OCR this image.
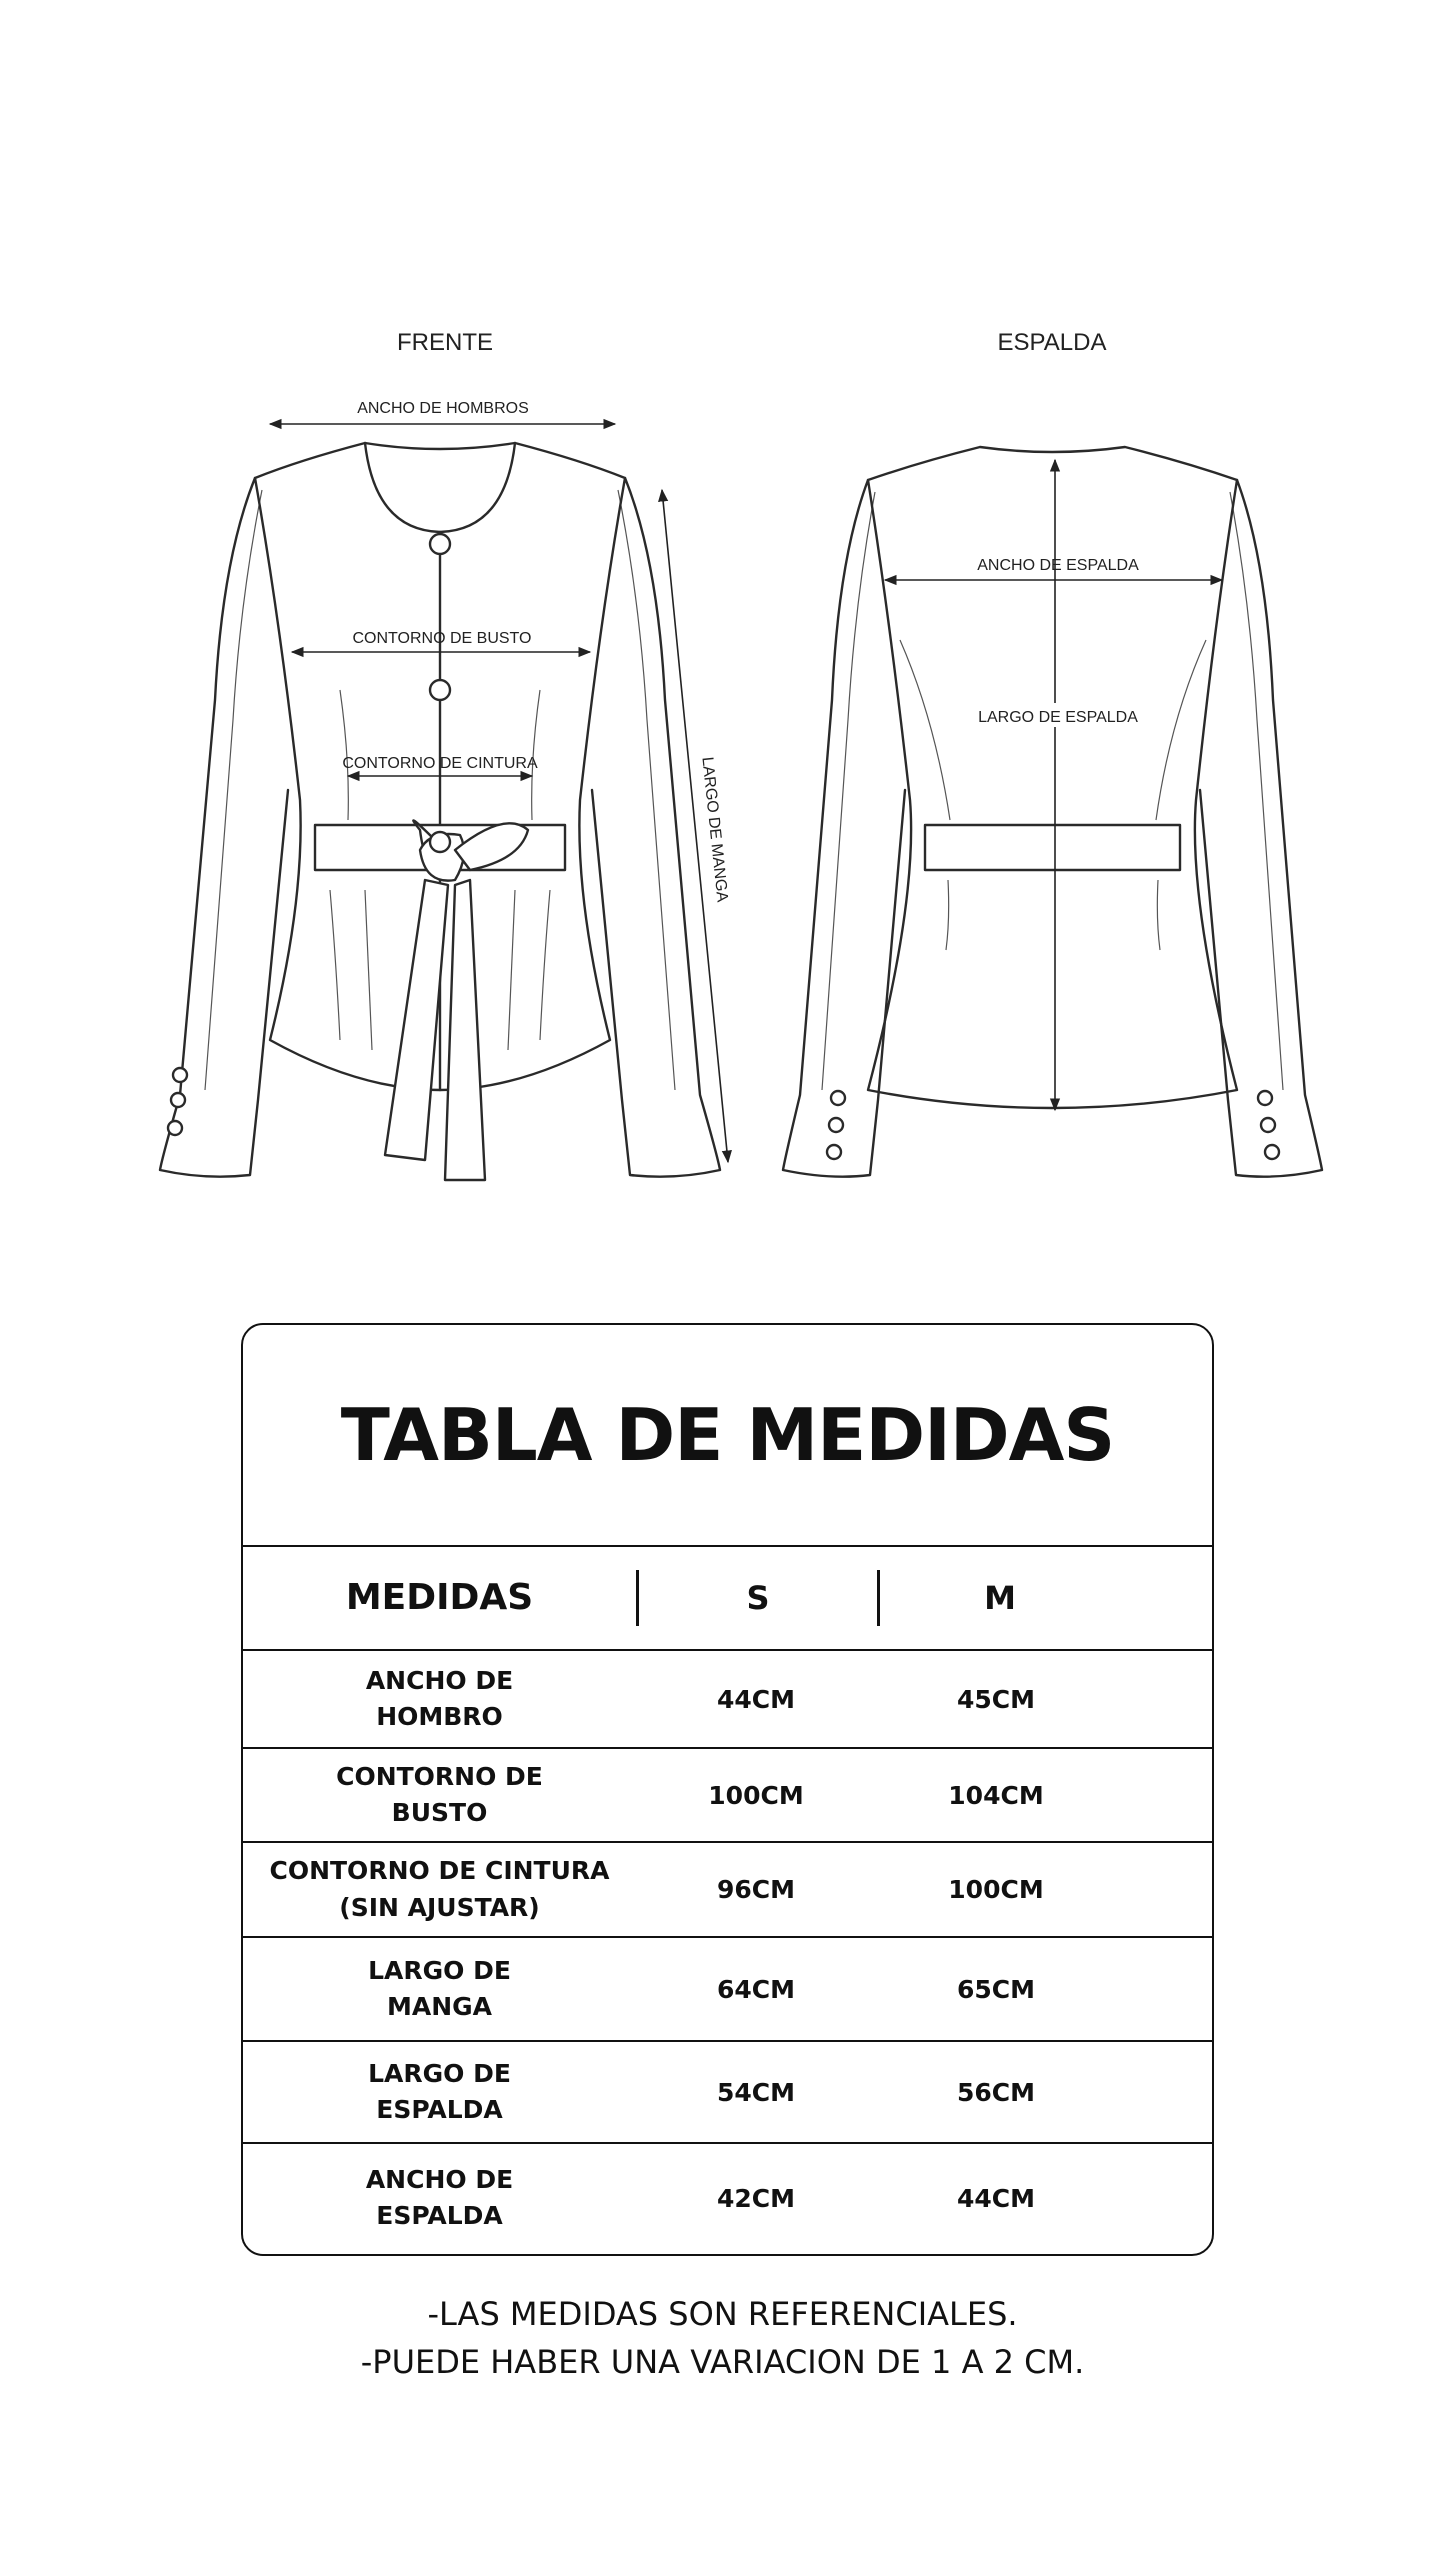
FRENTE
ANCHO DE HOMBROS
CONTORNO DE BUSTO
CONTORNO DE CINTURA	LARGO DE MANGA
ESPALDA
ANCHO DE ESPALDA
LARGO DE ESPALDA
TABLA DE MEDIDAS
MEDIDAS	S	M
ANCHO DE
HOMBRO
44CM	45CM
CONTORNO DE
BUSTO
100CM	104CM
CONTORNO DE CINTURA
(SIN AJUSTAR)
96CM	100CM
LARGO DE
MANGA
64CM	65CM
LARGO DE
ESPALDA
54CM	56CM
ANCHO DE
ESPALDA
42CM	44CM
-LAS MEDIDAS SON REFERENCIALES.
-PUEDE HABER UNA VARIACION DE 1 A 2 CM.
